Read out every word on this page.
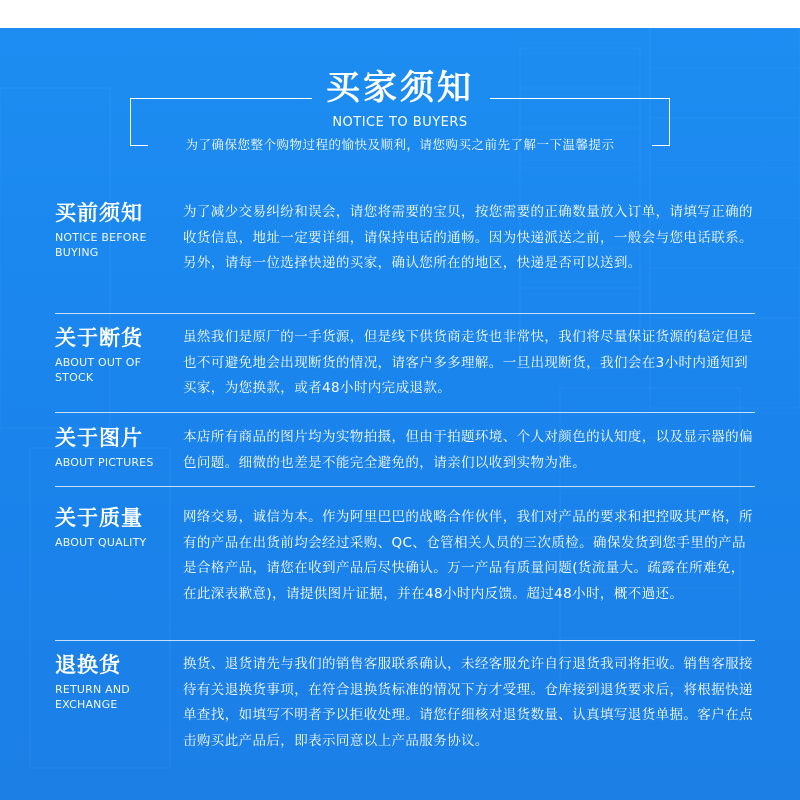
买家须知
NOTICE TO BUYERS
为了确保您整个购物过程的愉快及顺利，请您购买之前先了解一下温馨提示
买前须知
NOTICE BEFORE BUYING
为了减少交易纠纷和误会，请您将需要的宝贝，按您需要的正确数量放入订单，请填写正确的收货信息，地址一定要详细，请保持电话的通畅。因为快递派送之前，一般会与您电话联系。另外，请每一位选择快递的买家，确认您所在的地区，快递是否可以送到。
关于断货
ABOUT OUT OF STOCK
虽然我们是原厂的一手货源，但是线下供货商走货也非常快，我们将尽量保证货源的稳定但是也不可避免地会出现断货的情况，请客户多多理解。一旦出现断货，我们会在3小时内通知到买家，为您换款，或者48小时内完成退款。
关于图片
ABOUT PICTURES
本店所有商品的图片均为实物拍摄，但由于拍题环境、个人对颜色的认知度，以及显示器的偏色问题。细微的也差是不能完全避免的，请亲们以收到实物为准。
关于质量
ABOUT QUALITY
网络交易，诚信为本。作为阿里巴巴的战略合作伙伴，我们对产品的要求和把控吸其严格，所有的产品在出货前均会经过采购、QC、仓管相关人员的三次质检。确保发货到您手里的产品是合格产品，请您在收到产品后尽快确认。万一产品有质量问题(货流量大。疏露在所难免，在此深表歉意)，请提供图片证据，并在48小时内反馈。超过48小时，概不過还。
退换货
RETURN AND EXCHANGE
换货、退货请先与我们的销售客服联系确认，未经客服允许自行退货我司将拒收。销售客服接待有关退换货事项，在符合退换货标准的情况下方才受理。仓库接到退货要求后，将根据快递单查找，如填写不明者予以拒收处理。请您仔细核对退货数量、认真填写退货单据。客户在点击购买此产品后，即表示同意以上产品服务协议。
